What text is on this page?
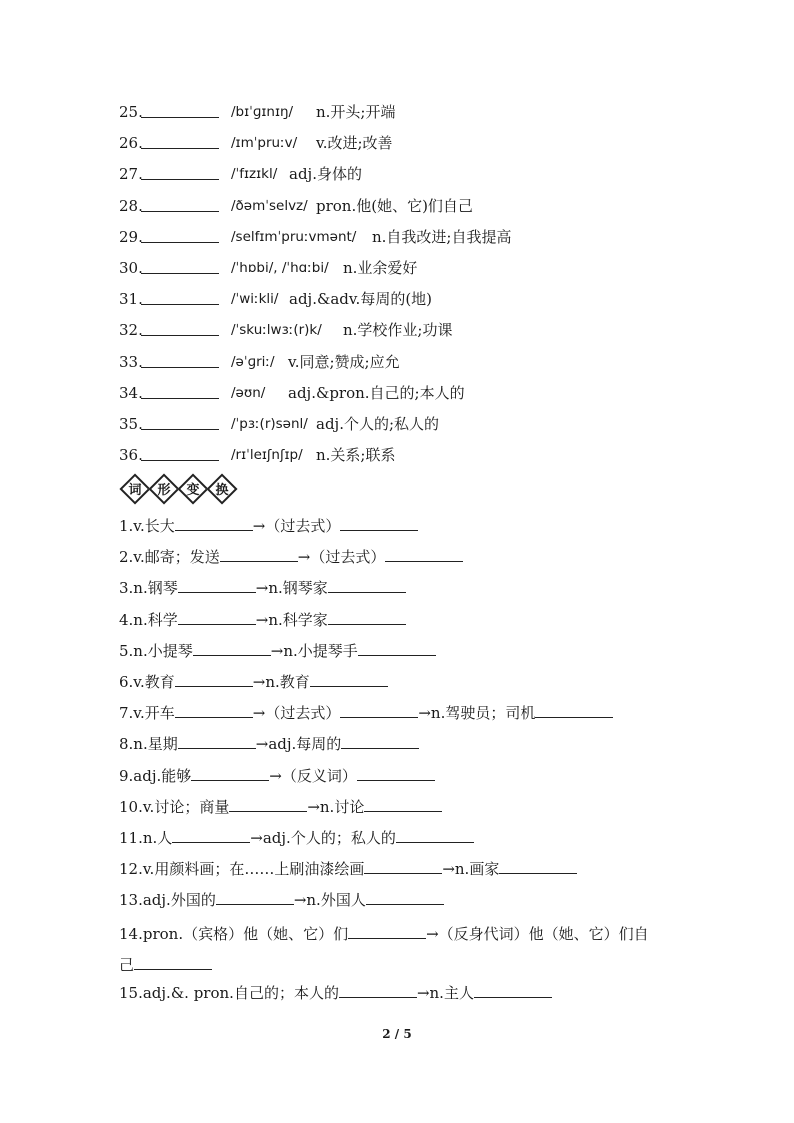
25.	/bɪˈɡɪnɪŋ/ n.开头;开端
26.	/ɪmˈpruːv/ v.改进;改善
27.	/ˈfɪzɪkl/ adj.身体的
28.	/ðəmˈselvz/ pron.他(她、它)们自己
29.	/selfɪmˈpruːvmənt/ n.自我改进;自我提高
30.	/ˈhɒbi/, /ˈhɑːbi/ n.业余爱好
31.	/ˈwiːkli/ adj.&adv.每周的(地)
32.	/ˈskuːlwɜː(r)k/ n.学校作业;功课
33.	/əˈɡriː/ v.同意;赞成;应允
34.	/əʊn/ adj.&pron.自己的;本人的
35.	/ˈpɜː(r)sənl/ adj.个人的;私人的
36.	/rɪˈleɪʃnʃɪp/ n.关系;联系
词	形	变	换
1.v.长大	→（过去式）
2.v.邮寄；发送	→（过去式）
3.n.钢琴	→n.钢琴家
4.n.科学	→n.科学家
5.n.小提琴	→n.小提琴手
6.v.教育	→n.教育
7.v.开车	→（过去式）	→n.驾驶员；司机
8.n.星期	→adj.每周的
9.adj.能够	→（反义词）
10.v.讨论；商量	→n.讨论
11.n.人	→adj.个人的；私人的
12.v.用颜料画；在……上刷油漆绘画	→n.画家
13.adj.外国的	→n.外国人
14.pron.（宾格）他（她、它）们	→（反身代词）他（她、它）们自
己
15.adj.&. pron.自己的；本人的	→n.主人
2 / 5
